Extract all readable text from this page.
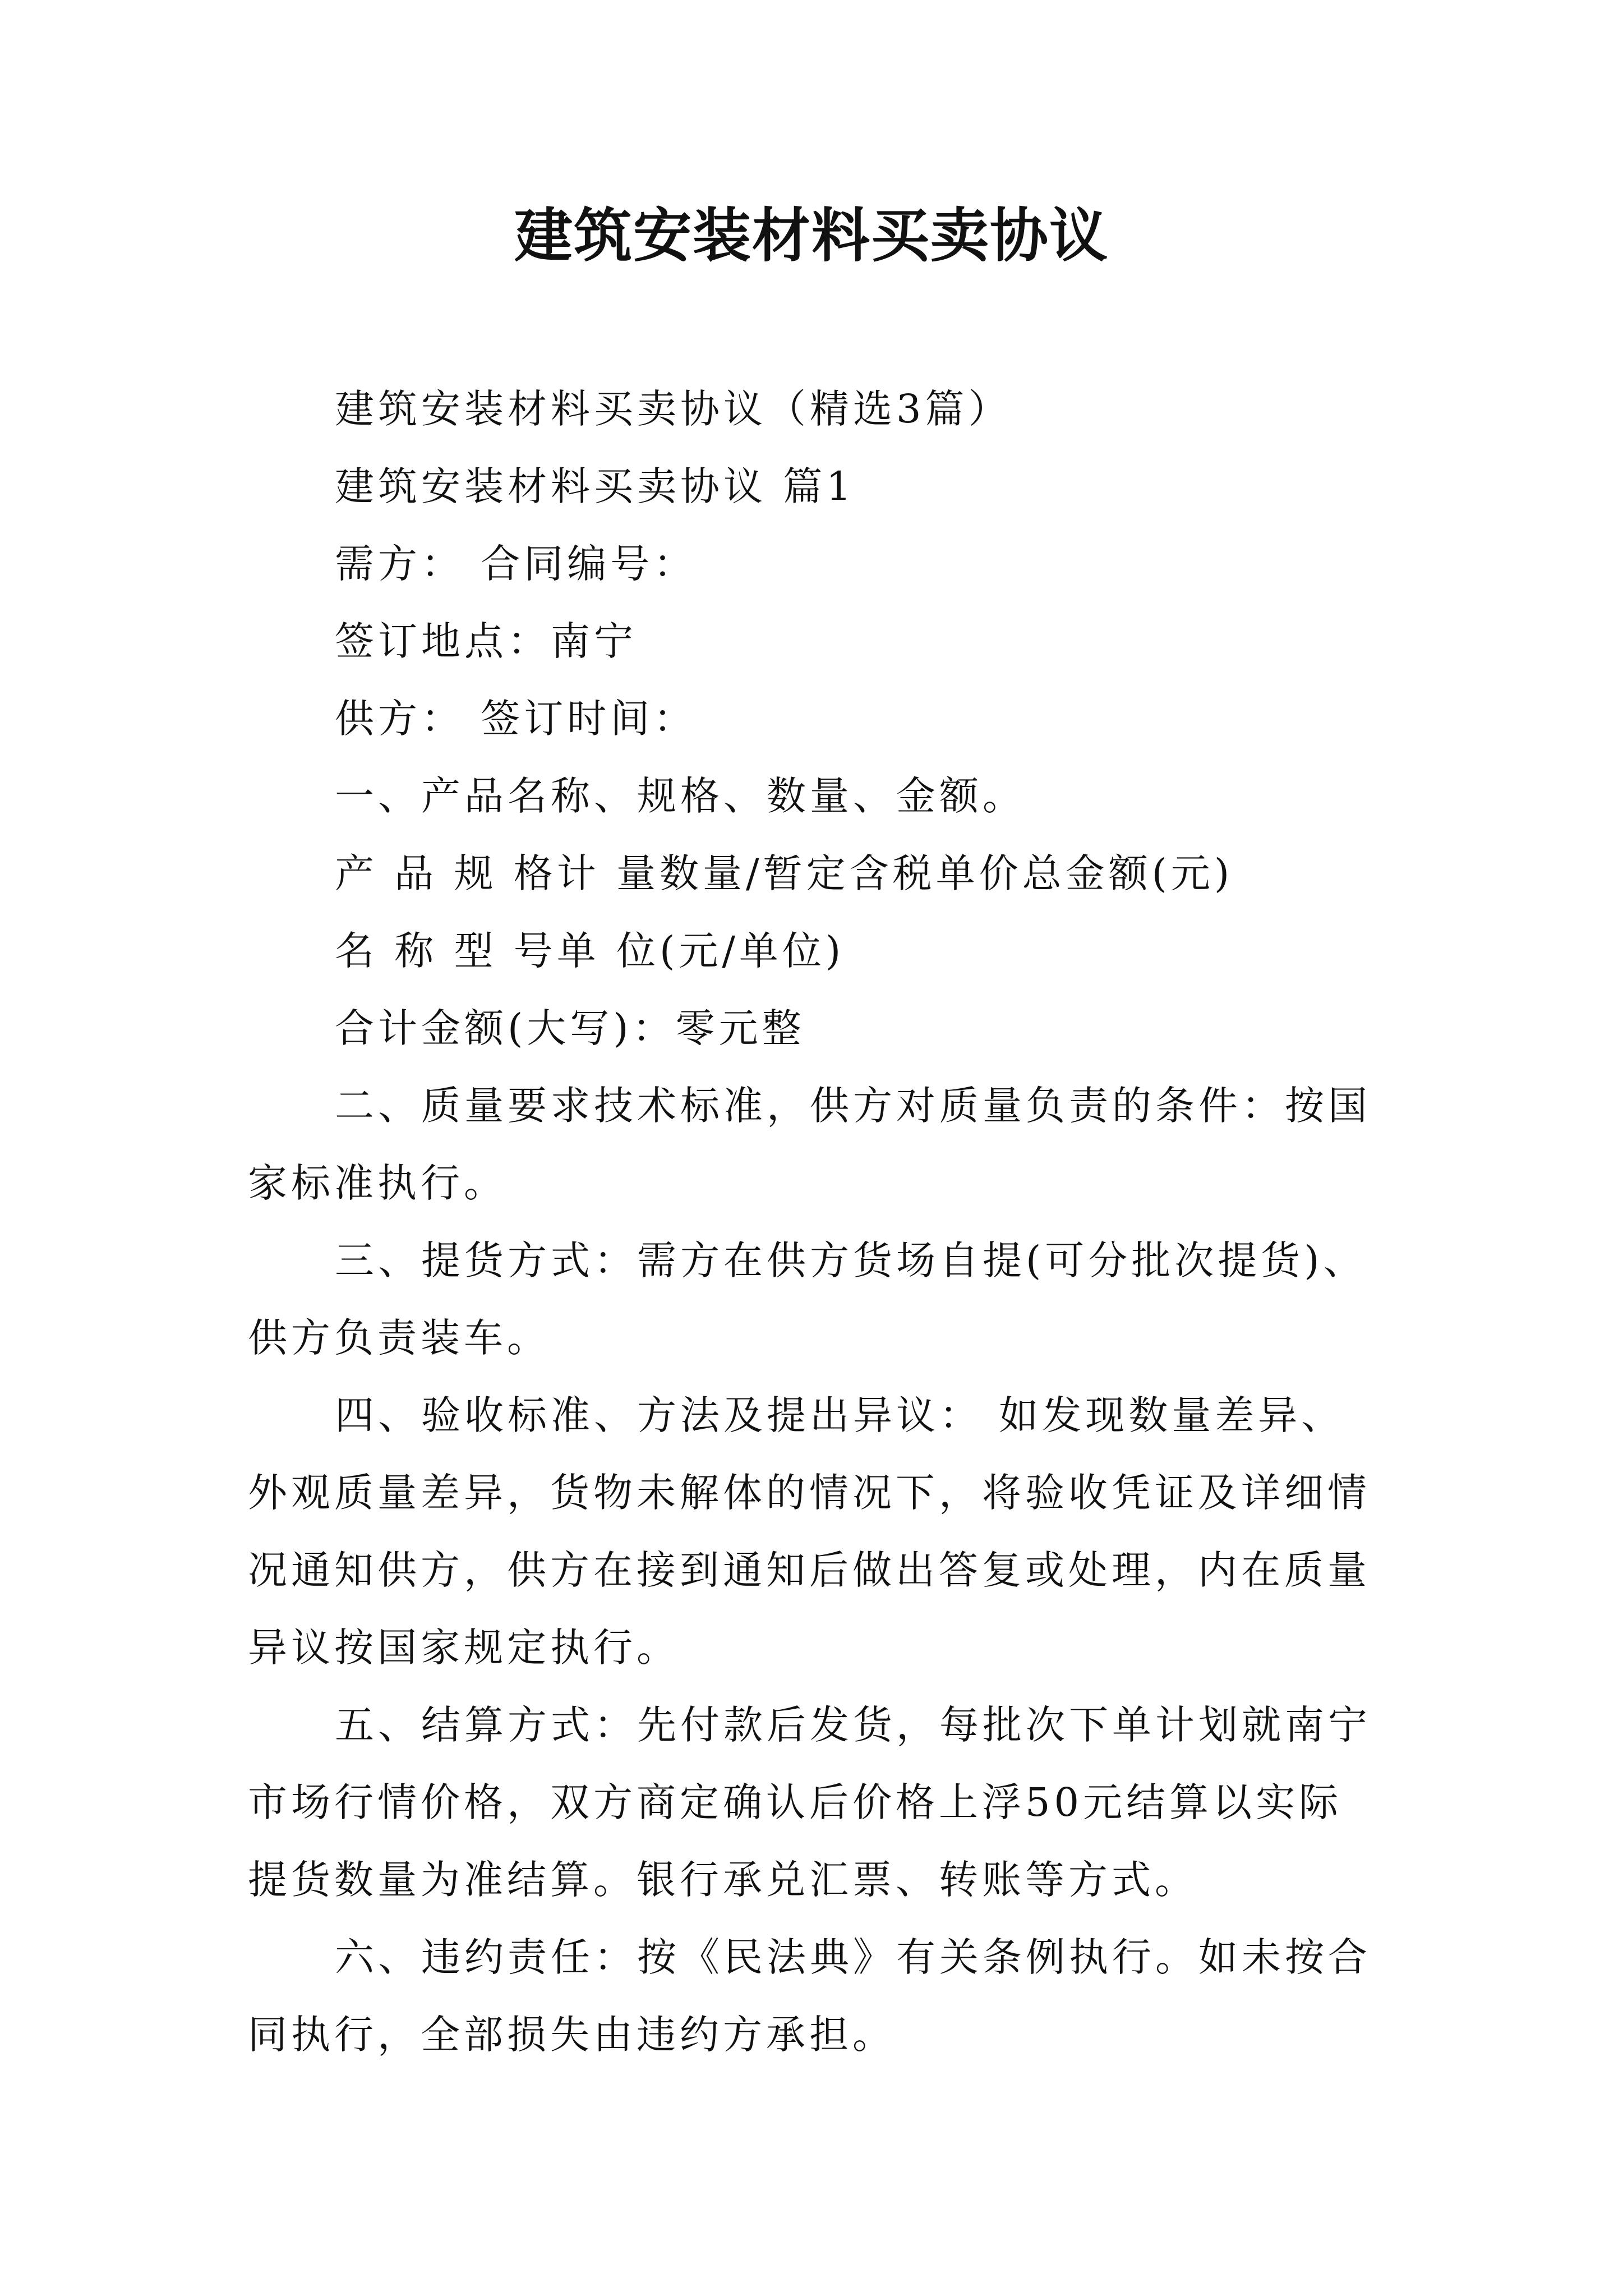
建筑安装材料买卖协议

建筑安装材料买卖协议（精选3篇）

建筑安装材料买卖协议 篇1

需方： 合同编号：

签订地点：南宁

供方： 签订时间：

一、产品名称、规格、数量、金额。

产 品 规 格计 量数量/暂定含税单价总金额(元)

名 称 型 号单 位(元/单位)

合计金额(大写)：零元整

二、质量要求技术标准，供方对质量负责的条件：按国

家标准执行。

三、提货方式：需方在供方货场自提(可分批次提货)、

供方负责装车。

四、验收标准、方法及提出异议： 如发现数量差异、

外观质量差异，货物未解体的情况下，将验收凭证及详细情

况通知供方，供方在接到通知后做出答复或处理，内在质量

异议按国家规定执行。

五、结算方式：先付款后发货，每批次下单计划就南宁

市场行情价格，双方商定确认后价格上浮50元结算以实际

提货数量为准结算。银行承兑汇票、转账等方式。

六、违约责任：按《民法典》有关条例执行。如未按合

同执行，全部损失由违约方承担。
